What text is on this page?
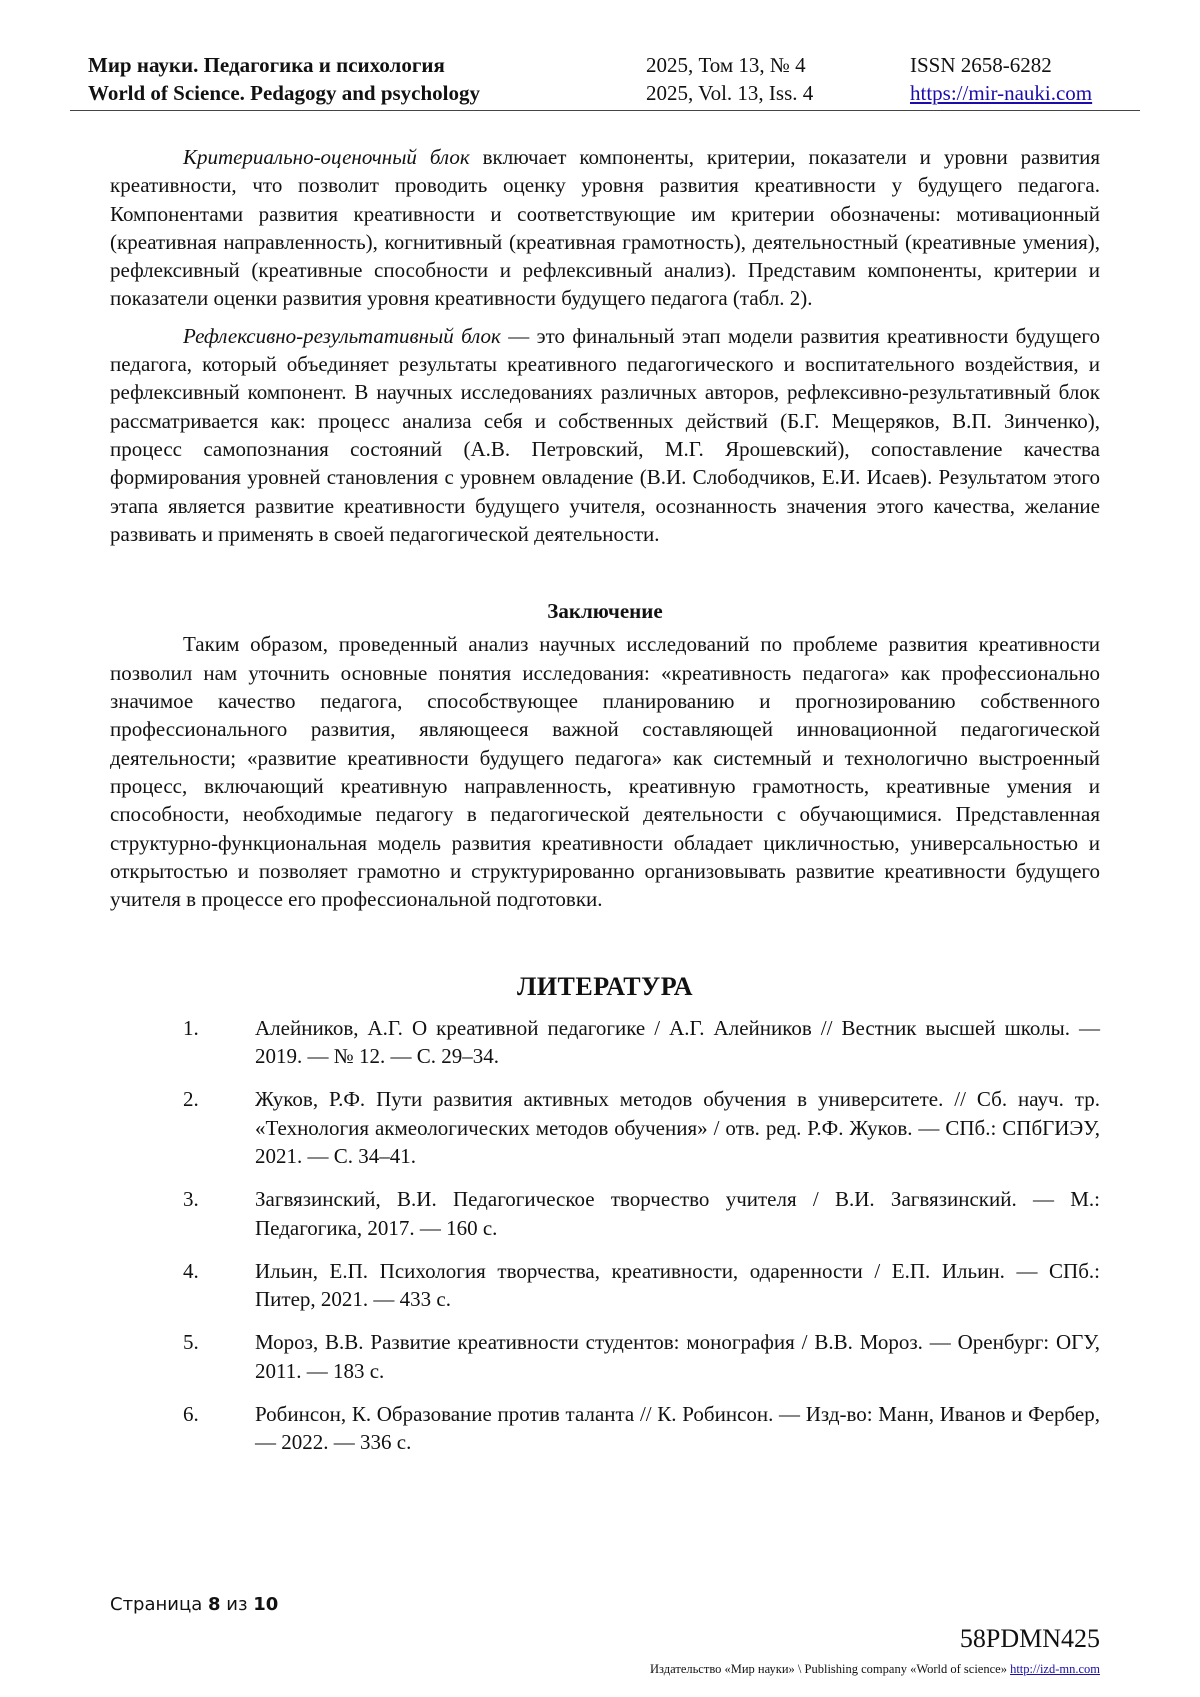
Мир науки. Педагогика и психология	2025, Том 13, № 4	ISSN 2658-6282
World of Science. Pedagogy and psychology	2025, Vol. 13, Iss. 4	https://mir-nauki.com

Критериально-оценочный блок включает компоненты, критерии, показатели и уровни развития креативности, что позволит проводить оценку уровня развития креативности у будущего педагога. Компонентами развития креативности и соответствующие им критерии обозначены: мотивационный (креативная направленность), когнитивный (креативная грамотность), деятельностный (креативные умения), рефлексивный (креативные способности и рефлексивный анализ). Представим компоненты, критерии и показатели оценки развития уровня креативности будущего педагога (табл. 2).

Рефлексивно-результативный блок — это финальный этап модели развития креативности будущего педагога, который объединяет результаты креативного педагогического и воспитательного воздействия, и рефлексивный компонент. В научных исследованиях различных авторов, рефлексивно-результативный блок рассматривается как: процесс анализа себя и собственных действий (Б.Г. Мещеряков, В.П. Зинченко), процесс самопознания состояний (А.В. Петровский, М.Г. Ярошевский), сопоставление качества формирования уровней становления с уровнем овладение (В.И. Слободчиков, Е.И. Исаев). Результатом этого этапа является развитие креативности будущего учителя, осознанность значения этого качества, желание развивать и применять в своей педагогической деятельности.

Заключение

Таким образом, проведенный анализ научных исследований по проблеме развития креативности позволил нам уточнить основные понятия исследования: «креативность педагога» как профессионально значимое качество педагога, способствующее планированию и прогнозированию собственного профессионального развития, являющееся важной составляющей инновационной педагогической деятельности; «развитие креативности будущего педагога» как системный и технологично выстроенный процесс, включающий креативную направленность, креативную грамотность, креативные умения и способности, необходимые педагогу в педагогической деятельности с обучающимися. Представленная структурно-функциональная модель развития креативности обладает цикличностью, универсальностью и открытостью и позволяет грамотно и структурированно организовывать развитие креативности будущего учителя в процессе его профессиональной подготовки.

ЛИТЕРАТУРА
1.	Алейников, А.Г. О креативной педагогике / А.Г. Алейников // Вестник высшей школы. — 2019. — № 12. — С. 29–34.
2.	Жуков, Р.Ф. Пути развития активных методов обучения в университете. // Сб. науч. тр. «Технология акмеологических методов обучения» / отв. ред. Р.Ф. Жуков. — СПб.: СПбГИЭУ, 2021. — С. 34–41.
3.	Загвязинский, В.И. Педагогическое творчество учителя / В.И. Загвязинский. — М.: Педагогика, 2017. — 160 с.
4.	Ильин, Е.П. Психология творчества, креативности, одаренности / Е.П. Ильин. — СПб.: Питер, 2021. — 433 с.
5.	Мороз, В.В. Развитие креативности студентов: монография / В.В. Мороз. — Оренбург: ОГУ, 2011. — 183 с.
6.	Робинсон, К. Образование против таланта // К. Робинсон. — Изд-во: Манн, Иванов и Фербер, — 2022. — 336 с.
Страница 8 из 10
58PDMN425
Издательство «Мир науки» \ Publishing company «World of science» http://izd-mn.com
